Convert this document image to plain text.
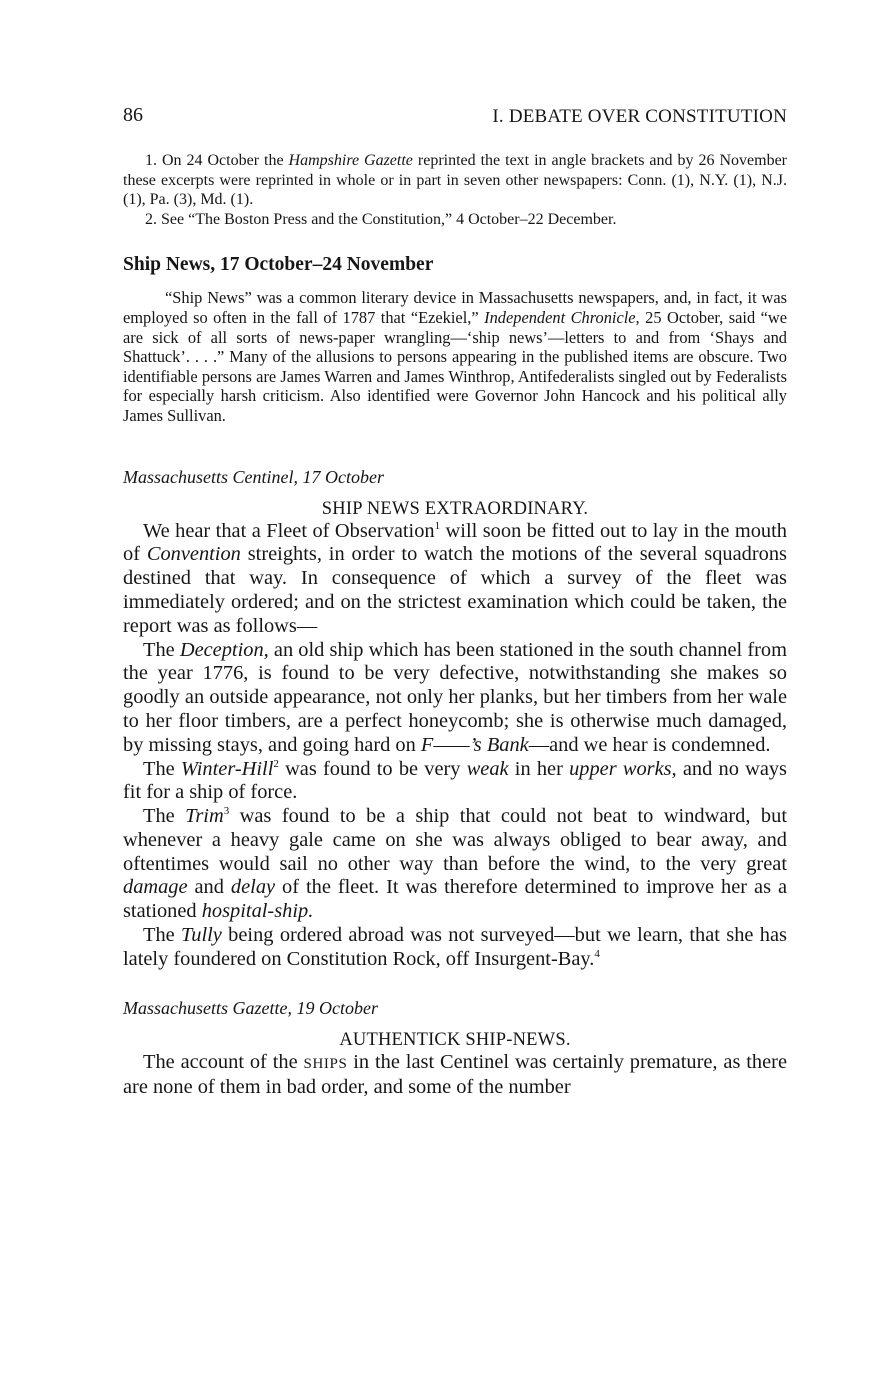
86	I. DEBATE OVER CONSTITUTION

1. On 24 October the Hampshire Gazette reprinted the text in angle brackets and by 26 November these excerpts were reprinted in whole or in part in seven other newspapers: Conn. (1), N.Y. (1), N.J. (1), Pa. (3), Md. (1).

2. See “The Boston Press and the Constitution,” 4 October–22 December.

Ship News, 17 October–24 November
“Ship News” was a common literary device in Massachusetts newspapers, and, in fact, it was employed so often in the fall of 1787 that “Ezekiel,” Independent Chronicle, 25 October, said “we are sick of all sorts of news-paper wrangling—‘ship news’—letters to and from ‘Shays and Shattuck’. . . .” Many of the allusions to persons appearing in the published items are obscure. Two identifiable persons are James Warren and James Winthrop, Antifederalists singled out by Federalists for especially harsh criticism. Also identified were Governor John Hancock and his political ally James Sullivan.
Massachusetts Centinel, 17 October
SHIP NEWS EXTRAORDINARY.

We hear that a Fleet of Observation$^1$ will soon be fitted out to lay in the mouth of Convention streights, in order to watch the motions of the several squadrons destined that way. In consequence of which a survey of the fleet was immediately ordered; and on the strictest examination which could be taken, the report was as follows—

The Deception, an old ship which has been stationed in the south channel from the year 1776, is found to be very defective, notwithstanding she makes so goodly an outside appearance, not only her planks, but her timbers from her wale to her floor timbers, are a perfect honeycomb; she is otherwise much damaged, by missing stays, and going hard on F——’s Bank—and we hear is condemned.

The Winter-Hill$^2$ was found to be very weak in her upper works, and no ways fit for a ship of force.

The Trim$^3$ was found to be a ship that could not beat to windward, but whenever a heavy gale came on she was always obliged to bear away, and oftentimes would sail no other way than before the wind, to the very great damage and delay of the fleet. It was therefore determined to improve her as a stationed hospital-ship.

The Tully being ordered abroad was not surveyed—but we learn, that she has lately foundered on Constitution Rock, off Insurgent-Bay.$^4$

Massachusetts Gazette, 19 October
AUTHENTICK SHIP-NEWS.

The account of the SHIPS in the last Centinel was certainly premature, as there are none of them in bad order, and some of the number
